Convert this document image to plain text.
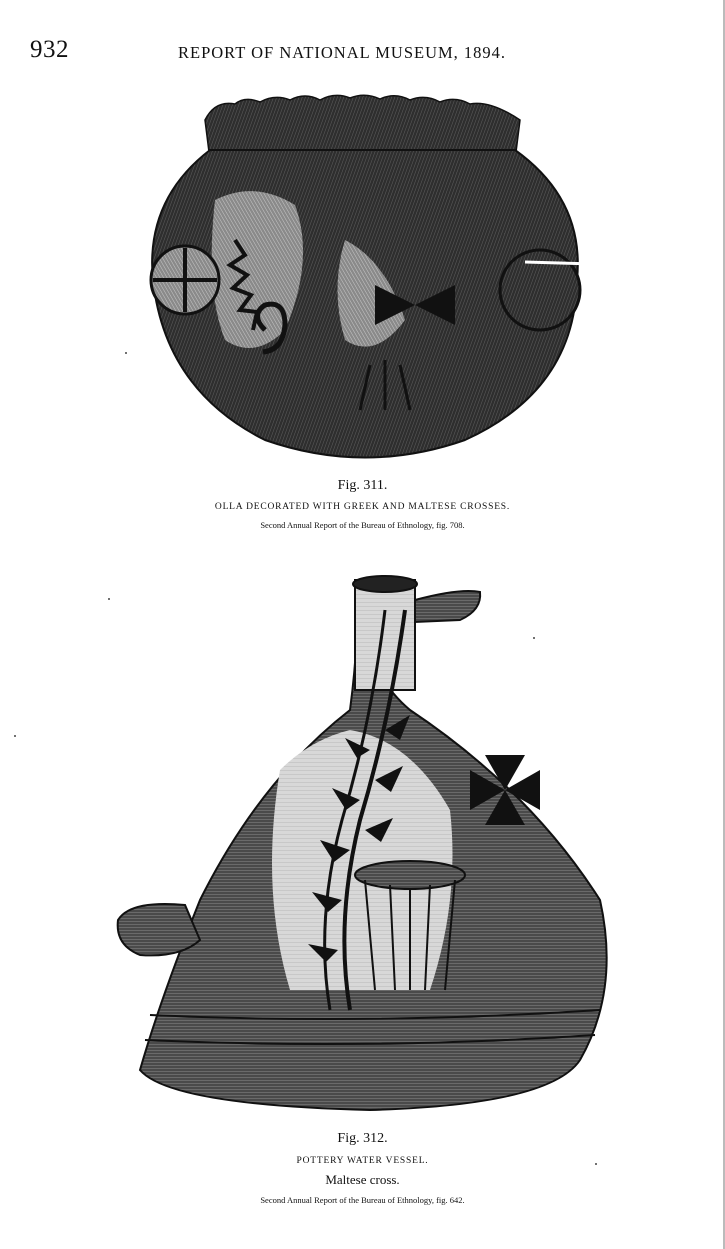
932	REPORT OF NATIONAL MUSEUM, 1894.
Fig. 311.
OLLA DECORATED WITH GREEK AND MALTESE CROSSES.
Second Annual Report of the Bureau of Ethnology, fig. 708.
Fig. 312.
POTTERY WATER VESSEL.
Maltese cross.
Second Annual Report of the Bureau of Ethnology, fig. 642.
